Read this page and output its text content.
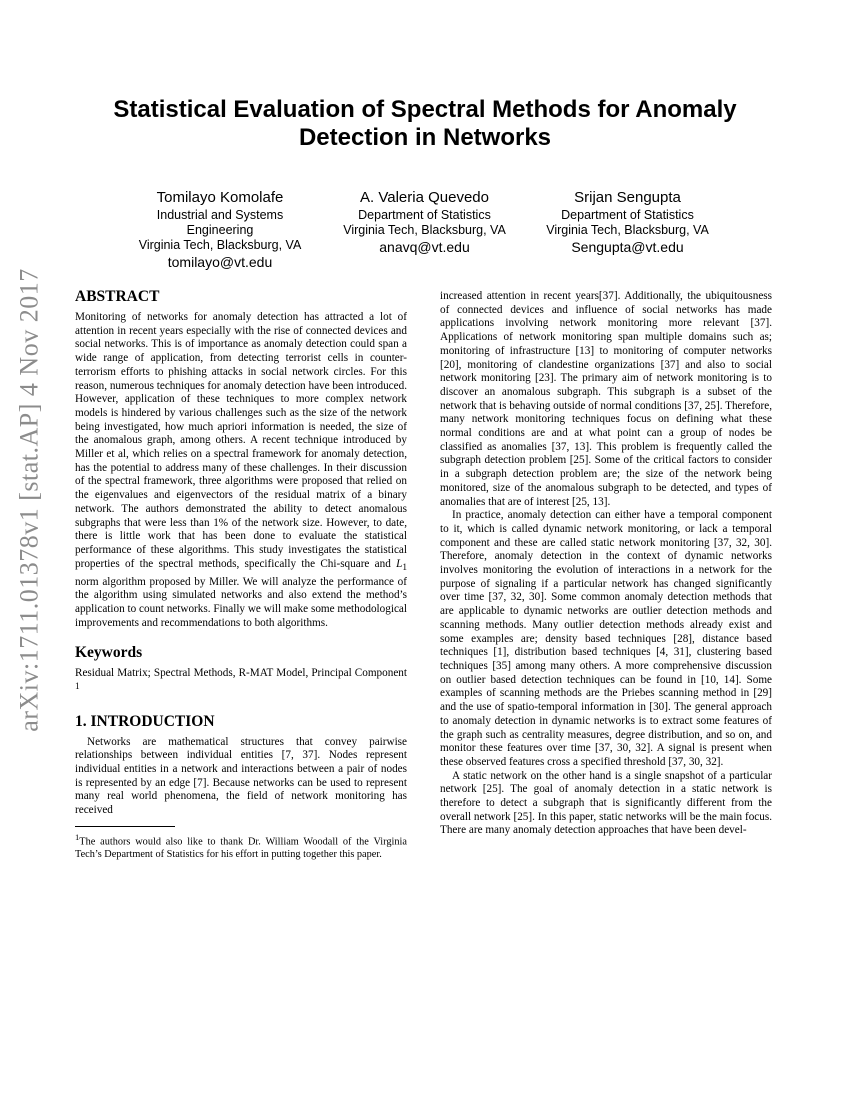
arXiv:1711.01378v1 [stat.AP] 4 Nov 2017
Statistical Evaluation of Spectral Methods for Anomaly Detection in Networks
Tomilayo Komolafe
Industrial and Systems
Engineering
Virginia Tech, Blacksburg, VA
tomilayo@vt.edu
A. Valeria Quevedo
Department of Statistics
Virginia Tech, Blacksburg, VA
anavq@vt.edu
Srijan Sengupta
Department of Statistics
Virginia Tech, Blacksburg, VA
Sengupta@vt.edu
ABSTRACT

Monitoring of networks for anomaly detection has attracted a lot of attention in recent years especially with the rise of connected devices and social networks. This is of importance as anomaly detection could span a wide range of application, from detecting terrorist cells in counter-terrorism efforts to phishing attacks in social network circles. For this reason, numerous techniques for anomaly detection have been introduced. However, application of these techniques to more complex network models is hindered by various challenges such as the size of the network being investigated, how much apriori information is needed, the size of the anomalous graph, among others. A recent technique introduced by Miller et al, which relies on a spectral framework for anomaly detection, has the potential to address many of these challenges. In their discussion of the spectral framework, three algorithms were proposed that relied on the eigenvalues and eigenvectors of the residual matrix of a binary network. The authors demonstrated the ability to detect anomalous subgraphs that were less than 1% of the network size. However, to date, there is little work that has been done to evaluate the statistical performance of these algorithms. This study investigates the statistical properties of the spectral methods, specifically the Chi-square and $L_1$ norm algorithm proposed by Miller. We will analyze the performance of the algorithm using simulated networks and also extend the method’s application to count networks. Finally we will make some methodological improvements and recommendations to both algorithms.

Keywords

Residual Matrix; Spectral Methods, R-MAT Model, Principal Component $^1$

1. INTRODUCTION

Networks are mathematical structures that convey pairwise relationships between individual entities [7, 37]. Nodes represent individual entities in a network and interactions between a pair of nodes is represented by an edge [7]. Because networks can be used to represent many real world phenomena, the field of network monitoring has received

$^1$The authors would also like to thank Dr. William Woodall of the Virginia Tech’s Department of Statistics for his effort in putting together this paper.

increased attention in recent years[37]. Additionally, the ubiquitousness of connected devices and influence of social networks has made applications involving network monitoring more relevant [37]. Applications of network monitoring span multiple domains such as; monitoring of infrastructure [13] to monitoring of computer networks [20], monitoring of clandestine organizations [37] and also to social network monitoring [23]. The primary aim of network monitoring is to discover an anomalous subgraph. This subgraph is a subset of the network that is behaving outside of normal conditions [37, 25]. Therefore, many network monitoring techniques focus on defining what these normal conditions are and at what point can a group of nodes be classified as anomalies [37, 13]. This problem is frequently called the subgraph detection problem [25]. Some of the critical factors to consider in a subgraph detection problem are; the size of the network being monitored, size of the anomalous subgraph to be detected, and types of anomalies that are of interest [25, 13].

In practice, anomaly detection can either have a temporal component to it, which is called dynamic network monitoring, or lack a temporal component and these are called static network monitoring [37, 32, 30]. Therefore, anomaly detection in the context of dynamic networks involves monitoring the evolution of interactions in a network for the purpose of signaling if a particular network has changed significantly over time [37, 32, 30]. Some common anomaly detection methods that are applicable to dynamic networks are outlier detection methods and scanning methods. Many outlier detection methods already exist and some examples are; density based techniques [28], distance based techniques [1], distribution based techniques [4, 31], clustering based techniques [35] among many others. A more comprehensive discussion on outlier based detection techniques can be found in [10, 14]. Some examples of scanning methods are the Priebes scanning method in [29] and the use of spatio-temporal information in [30]. The general approach to anomaly detection in dynamic networks is to extract some features of the graph such as centrality measures, degree distribution, and so on, and monitor these features over time [37, 30, 32]. A signal is present when these observed features cross a specified threshold [37, 30, 32].

A static network on the other hand is a single snapshot of a particular network [25]. The goal of anomaly detection in a static network is therefore to detect a subgraph that is significantly different from the overall network [25]. In this paper, static networks will be the main focus. There are many anomaly detection approaches that have been devel-
